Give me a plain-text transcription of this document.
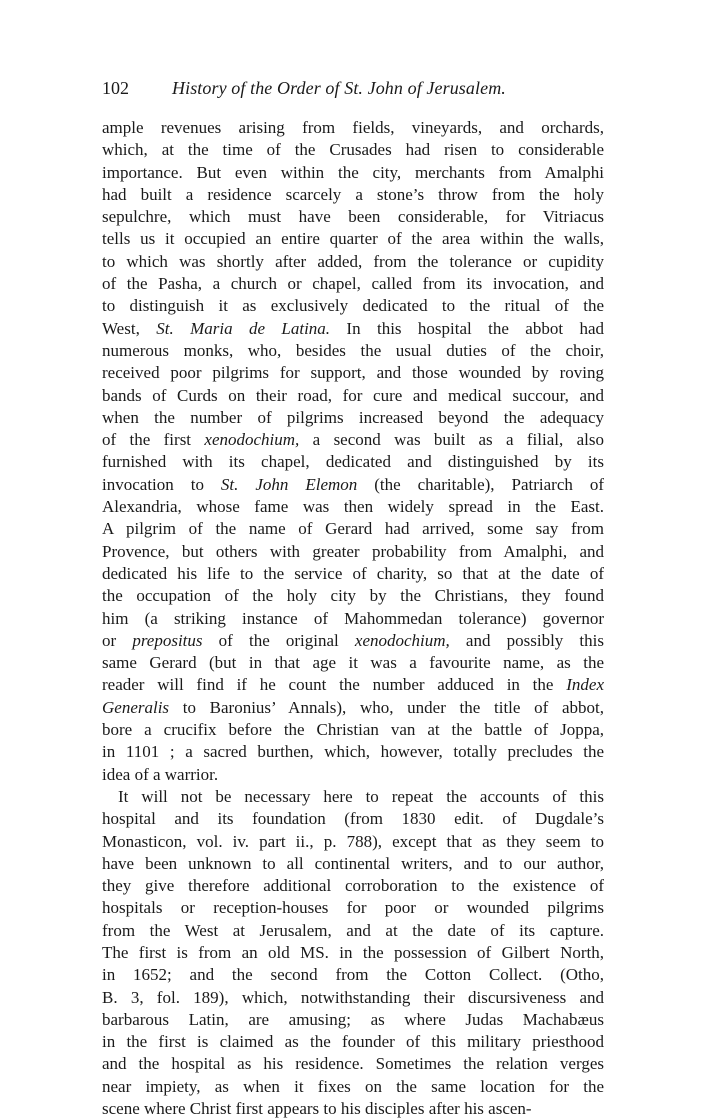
102 History of the Order of St. John of Jerusalem.
ample revenues arising from fields, vineyards, and orchards,
which, at the time of the Crusades had risen to considerable
importance. But even within the city, merchants from Amalphi
had built a residence scarcely a stone’s throw from the holy
sepulchre, which must have been considerable, for Vitriacus
tells us it occupied an entire quarter of the area within the walls,
to which was shortly after added, from the tolerance or cupidity
of the Pasha, a church or chapel, called from its invocation, and
to distinguish it as exclusively dedicated to the ritual of the
West, St. Maria de Latina. In this hospital the abbot had
numerous monks, who, besides the usual duties of the choir,
received poor pilgrims for support, and those wounded by roving
bands of Curds on their road, for cure and medical succour, and
when the number of pilgrims increased beyond the adequacy
of the first xenodochium, a second was built as a filial, also
furnished with its chapel, dedicated and distinguished by its
invocation to St. John Elemon (the charitable), Patriarch of
Alexandria, whose fame was then widely spread in the East.
A pilgrim of the name of Gerard had arrived, some say from
Provence, but others with greater probability from Amalphi, and
dedicated his life to the service of charity, so that at the date of
the occupation of the holy city by the Christians, they found
him (a striking instance of Mahommedan tolerance) governor
or prepositus of the original xenodochium, and possibly this
same Gerard (but in that age it was a favourite name, as the
reader will find if he count the number adduced in the Index
Generalis to Baronius’ Annals), who, under the title of abbot,
bore a crucifix before the Christian van at the battle of Joppa,
in 1101 ; a sacred burthen, which, however, totally precludes the
idea of a warrior.
It will not be necessary here to repeat the accounts of this
hospital and its foundation (from 1830 edit. of Dugdale’s
Monasticon, vol. iv. part ii., p. 788), except that as they seem to
have been unknown to all continental writers, and to our author,
they give therefore additional corroboration to the existence of
hospitals or reception-houses for poor or wounded pilgrims
from the West at Jerusalem, and at the date of its capture.
The first is from an old MS. in the possession of Gilbert North,
in 1652; and the second from the Cotton Collect. (Otho,
B. 3, fol. 189), which, notwithstanding their discursiveness and
barbarous Latin, are amusing; as where Judas Machabæus
in the first is claimed as the founder of this military priesthood
and the hospital as his residence. Sometimes the relation verges
near impiety, as when it fixes on the same location for the
scene where Christ first appears to his disciples after his ascen-
